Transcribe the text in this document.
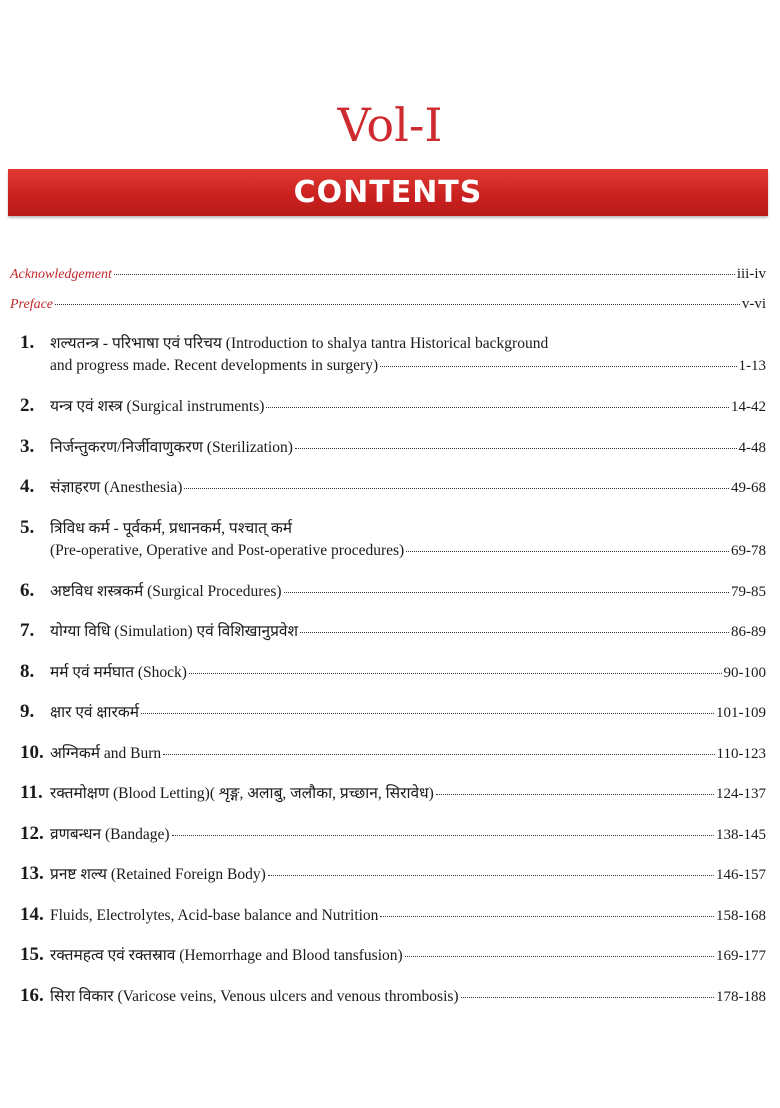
Vol-I
CONTENTS
Acknowledgement	iii-iv
Preface	v-vi
1.	शल्यतन्त्र - परिभाषा एवं परिचय (Introduction to shalya tantra Historical background
and progress made. Recent developments in surgery)	1-13
2.	यन्त्र एवं शस्त्र (Surgical instruments)	14-42
3.	निर्जन्तुकरण/निर्जीवाणुकरण (Sterilization)	4-48
4.	संज्ञाहरण (Anesthesia)	49-68
5.	त्रिविध कर्म - पूर्वकर्म, प्रधानकर्म, पश्चात् कर्म
(Pre-operative, Operative and Post-operative procedures)	69-78
6.	अष्टविध शस्त्रकर्म (Surgical Procedures)	79-85
7.	योग्या विधि (Simulation) एवं विशिखानुप्रवेश	86-89
8.	मर्म एवं मर्मघात (Shock)	90-100
9.	क्षार एवं क्षारकर्म	101-109
10. अग्निकर्म and Burn	110-123
11. रक्तमोक्षण (Blood Letting)( शृङ्ग, अलाबु, जलौका, प्रच्छान, सिरावेध)	124-137
12. व्रणबन्धन (Bandage)	138-145
13. प्रनष्ट शल्य (Retained Foreign Body)	146-157
14. Fluids, Electrolytes, Acid-base balance and Nutrition	158-168
15. रक्तमहत्व एवं रक्तस्राव (Hemorrhage and Blood tansfusion)	169-177
16. सिरा विकार (Varicose veins, Venous ulcers and venous thrombosis)	178-188
